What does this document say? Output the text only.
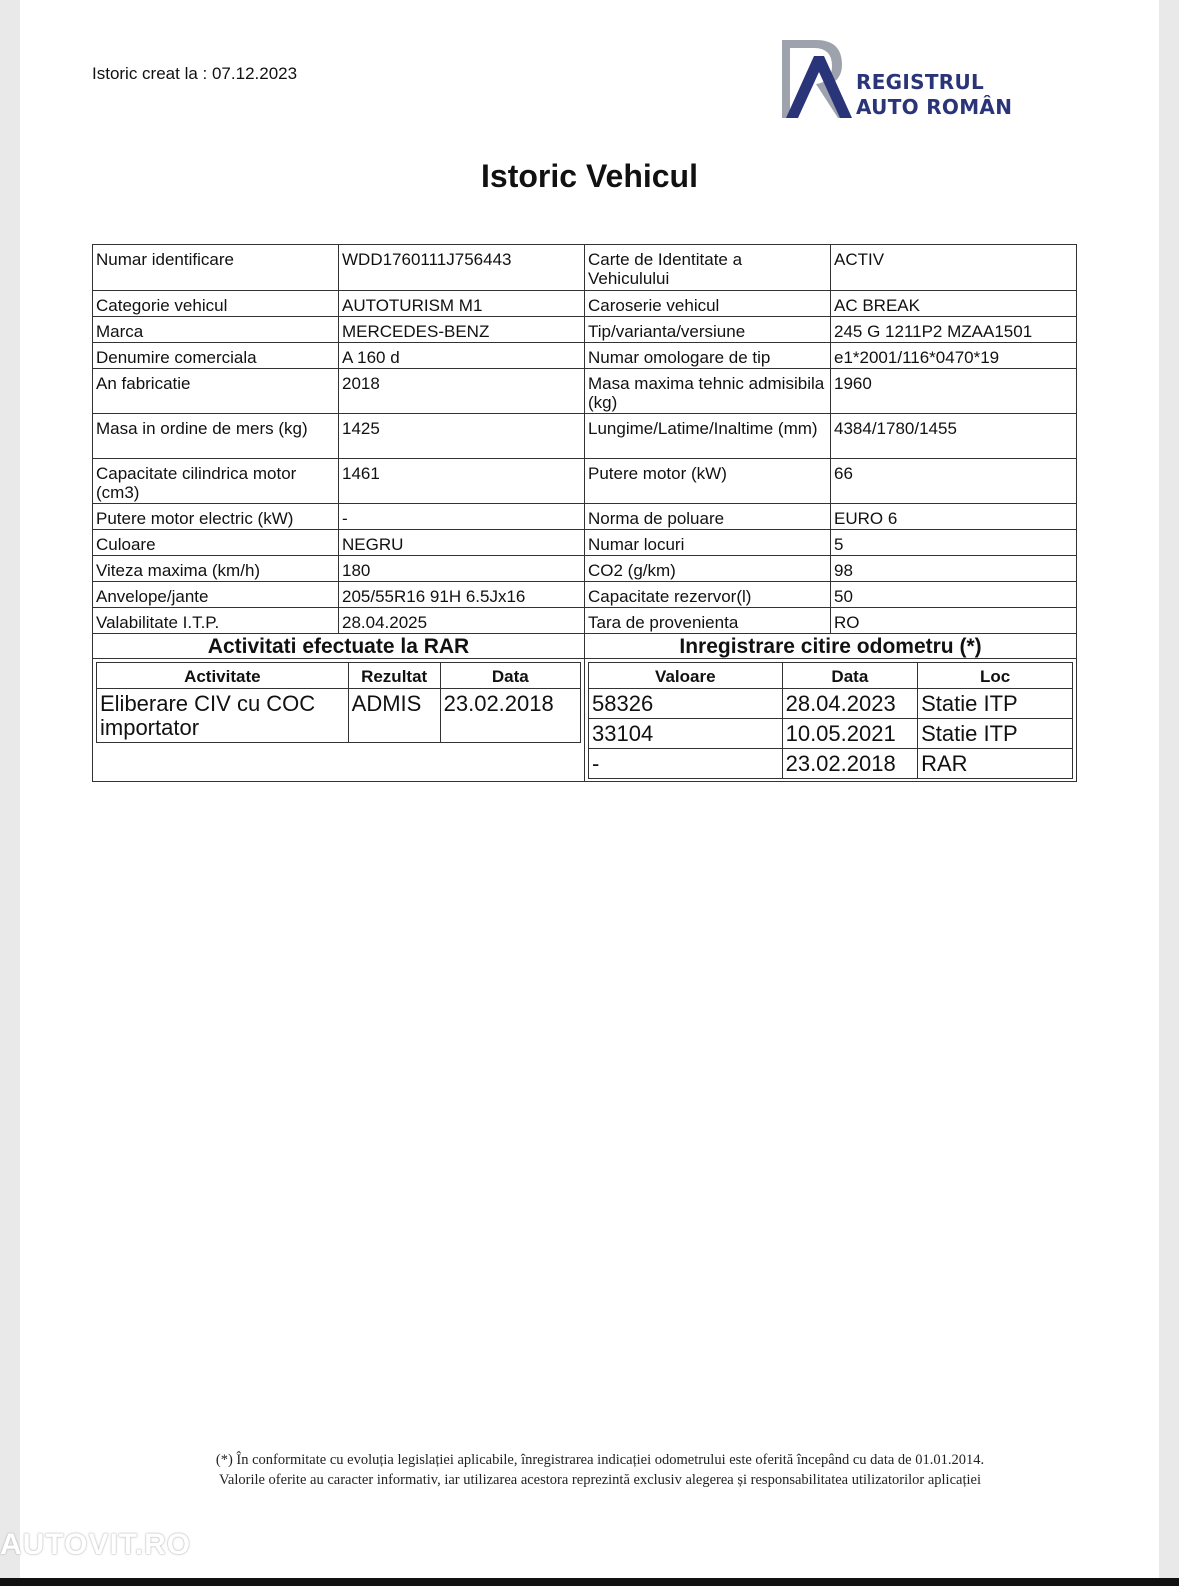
Istoric creat la : 07.12.2023	REGISTRUL
AUTO ROMÂN
Istoric Vehicul
Numar identificare	WDD1760111J756443	Carte de Identitate a Vehiculului	ACTIV
Categorie vehicul	AUTOTURISM M1	Caroserie vehicul	AC BREAK
Marca	MERCEDES-BENZ	Tip/varianta/versiune	245 G 1211P2 MZAA1501
Denumire comerciala	A 160 d	Numar omologare de tip	e1*2001/116*0470*19
An fabricatie	2018	Masa maxima tehnic admisibila (kg)	1960
Masa in ordine de mers (kg)	1425	Lungime/Latime/Inaltime (mm)	4384/1780/1455
Capacitate cilindrica motor (cm3)	1461	Putere motor (kW)	66
Putere motor electric (kW)	-	Norma de poluare	EURO 6
Culoare	NEGRU	Numar locuri	5
Viteza maxima (km/h)	180	CO2 (g/km)	98
Anvelope/jante	205/55R16 91H 6.5Jx16	Capacitate rezervor(l)	50
Valabilitate I.T.P.	28.04.2025	Tara de provenienta	RO
Activitati efectuate la RAR	Inregistrare citire odometru (*)

Activitate	Rezultat	Data
Eliberare CIV cu COC importator	ADMIS	23.02.2018

Valoare	Data	Loc
58326	28.04.2023	Statie ITP
33104	10.05.2021	Statie ITP
-	23.02.2018	RAR
(*) În conformitate cu evoluția legislației aplicabile, înregistrarea indicației odometrului este oferită începând cu data de 01.01.2014.
Valorile oferite au caracter informativ, iar utilizarea acestora reprezintă exclusiv alegerea și responsabilitatea utilizatorilor aplicației
AUTOVIT.RO
